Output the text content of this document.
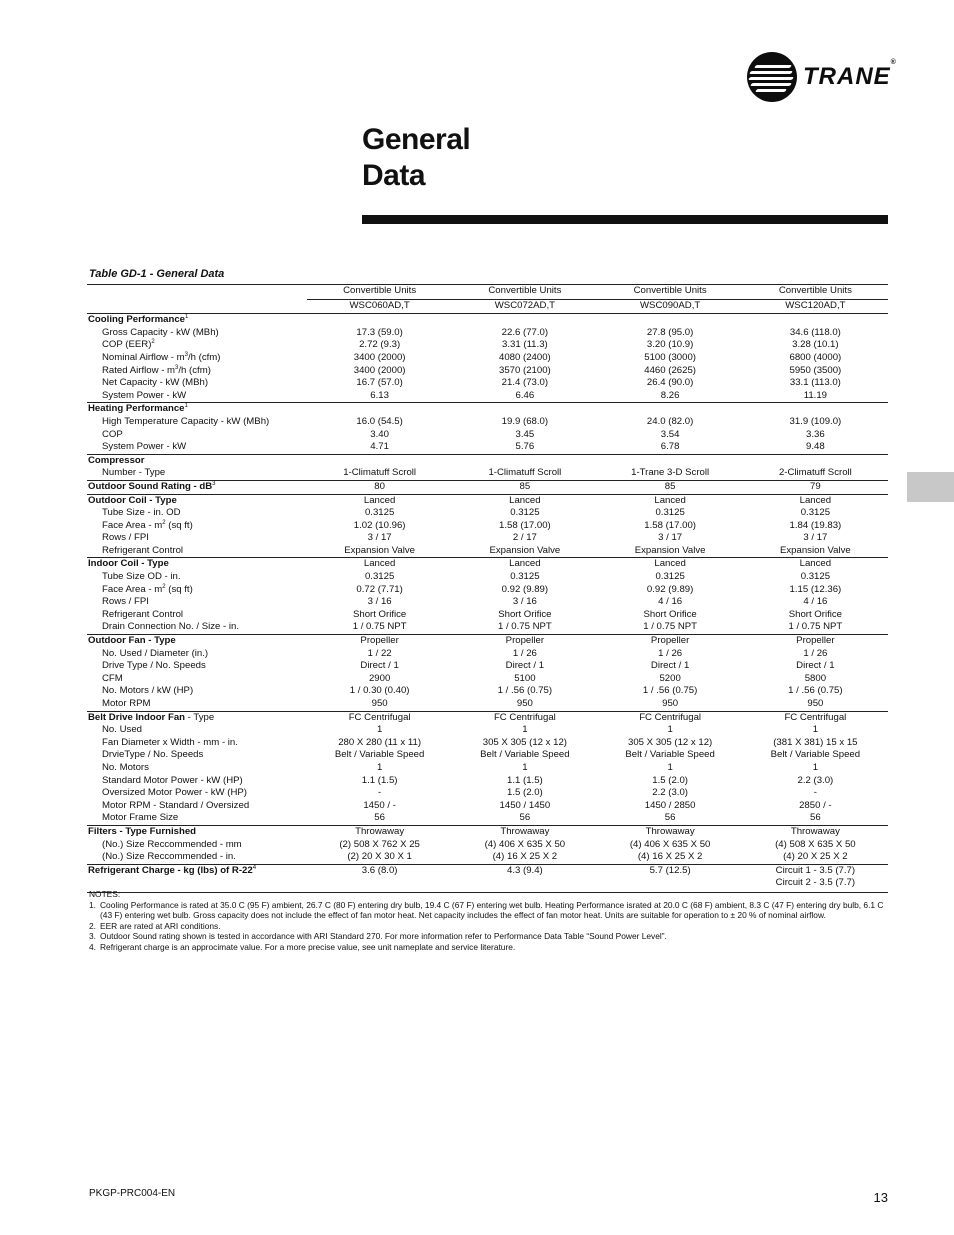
TRANE®
General
Data
Table GD-1 - General Data
	Convertible Units	Convertible Units	Convertible Units	Convertible Units
	WSC060AD,T	WSC072AD,T	WSC090AD,T	WSC120AD,T
Cooling Performance$^1$	

Gross Capacity - kW (MBh)	17.3 (59.0)	22.6 (77.0)	27.8 (95.0)	34.6 (118.0)

COP (EER)$^2$	2.72 (9.3)	3.31 (11.3)	3.20 (10.9)	3.28 (10.1)

Nominal Airflow - $m^3/h$ (cfm)	3400 (2000)	4080 (2400)	5100 (3000)	6800 (4000)

Rated Airflow - $m^3/h$ (cfm)	3400 (2000)	3570 (2100)	4460 (2625)	5950 (3500)

Net Capacity - kW (MBh)	16.7 (57.0)	21.4 (73.0)	26.4 (90.0)	33.1 (113.0)

System Power - kW	6.13	6.46	8.26	11.19

Heating Performance$^1$	

High Temperature Capacity - kW (MBh)	16.0 (54.5)	19.9 (68.0)	24.0 (82.0)	31.9 (109.0)

COP	3.40	3.45	3.54	3.36

System Power - kW	4.71	5.76	6.78	9.48

Compressor	

Number - Type	1-Climatuff Scroll	1-Climatuff Scroll	1-Trane 3-D Scroll	2-Climatuff Scroll

Outdoor Sound Rating - $dB^3$	80	85	85	79

Outdoor Coil - Type	Lanced	Lanced	Lanced	Lanced

Tube Size - in. OD	0.3125	0.3125	0.3125	0.3125

Face Area - $m^2$ (sq ft)	1.02 (10.96)	1.58 (17.00)	1.58 (17.00)	1.84 (19.83)

Rows / FPI	3 / 17	2 / 17	3 / 17	3 / 17

Refrigerant Control	Expansion Valve	Expansion Valve	Expansion Valve	Expansion Valve

Indoor Coil - Type	Lanced	Lanced	Lanced	Lanced

Tube Size OD - in.	0.3125	0.3125	0.3125	0.3125

Face Area - $m^2$ (sq ft)	0.72 (7.71)	0.92 (9.89)	0.92 (9.89)	1.15 (12.36)

Rows / FPI	3 / 16	3 / 16	4 / 16	4 / 16

Refrigerant Control	Short Orifice	Short Orifice	Short Orifice	Short Orifice

Drain Connection No. / Size - in.	1 / 0.75 NPT	1 / 0.75 NPT	1 / 0.75 NPT	1 / 0.75 NPT

Outdoor Fan - Type	Propeller	Propeller	Propeller	Propeller

No. Used / Diameter (in.)	1 / 22	1 / 26	1 / 26	1 / 26

Drive Type / No. Speeds	Direct / 1	Direct / 1	Direct / 1	Direct / 1

CFM	2900	5100	5200	5800

No. Motors / kW (HP)	1 / 0.30 (0.40)	1 / .56 (0.75)	1 / .56 (0.75)	1 / .56 (0.75)

Motor RPM	950	950	950	950

Belt Drive Indoor Fan - Type	FC Centrifugal	FC Centrifugal	FC Centrifugal	FC Centrifugal

No. Used	1	1	1	1

Fan Diameter x Width - mm - in.	280 X 280 (11 x 11)	305 X 305 (12 x 12)	305 X 305 (12 x 12)	(381 X 381) 15 x 15

DrvieType / No. Speeds	Belt / Variable Speed	Belt / Variable Speed	Belt / Variable Speed	Belt / Variable Speed

No. Motors	1	1	1	1

Standard Motor Power - kW (HP)	1.1 (1.5)	1.1 (1.5)	1.5 (2.0)	2.2 (3.0)

Oversized Motor Power - kW (HP)	-	1.5 (2.0)	2.2 (3.0)	-

Motor RPM - Standard / Oversized	1450 / -	1450 / 1450	1450 / 2850	2850 / -

Motor Frame Size	56	56	56	56

Filters - Type Furnished	Throwaway	Throwaway	Throwaway	Throwaway

(No.) Size Reccommended - mm	(2) 508 X 762 X 25	(4) 406 X 635 X 50	(4) 406 X 635 X 50	(4) 508 X 635 X 50

(No.) Size Reccommended - in.	(2) 20 X 30 X 1	(4) 16 X 25 X 2	(4) 16 X 25 X 2	(4) 20 X 25 X 2

Refrigerant Charge - kg (lbs) of $R-22^4$	3.6 (8.0)	4.3 (9.4)	5.7 (12.5)	Circuit 1 - 3.5 (7.7)
Circuit 2 - 3.5 (7.7)
NOTES:
1. Cooling Performance is rated at 35.0 C (95 F) ambient, 26.7 C (80 F) entering dry bulb, 19.4 C (67 F) entering wet bulb. Heating Performance israted at 20.0 C (68 F) ambient, 8.3 C (47 F) entering dry bulb, 6.1 C (43 F) entering wet bulb. Gross capacity does not include the effect of fan motor heat. Net capacity includes the effect of fan motor heat. Units are suitable for operation to ± 20 % of nominal airflow.
2. EER are rated at ARI conditions.
3. Outdoor Sound rating shown is tested in accordance with ARI Standard 270. For more information refer to Performance Data Table “Sound Power Level”.
4. Refrigerant charge is an approcimate value. For a more precise value, see unit nameplate and service literature.
PKGP-PRC004-EN	13
